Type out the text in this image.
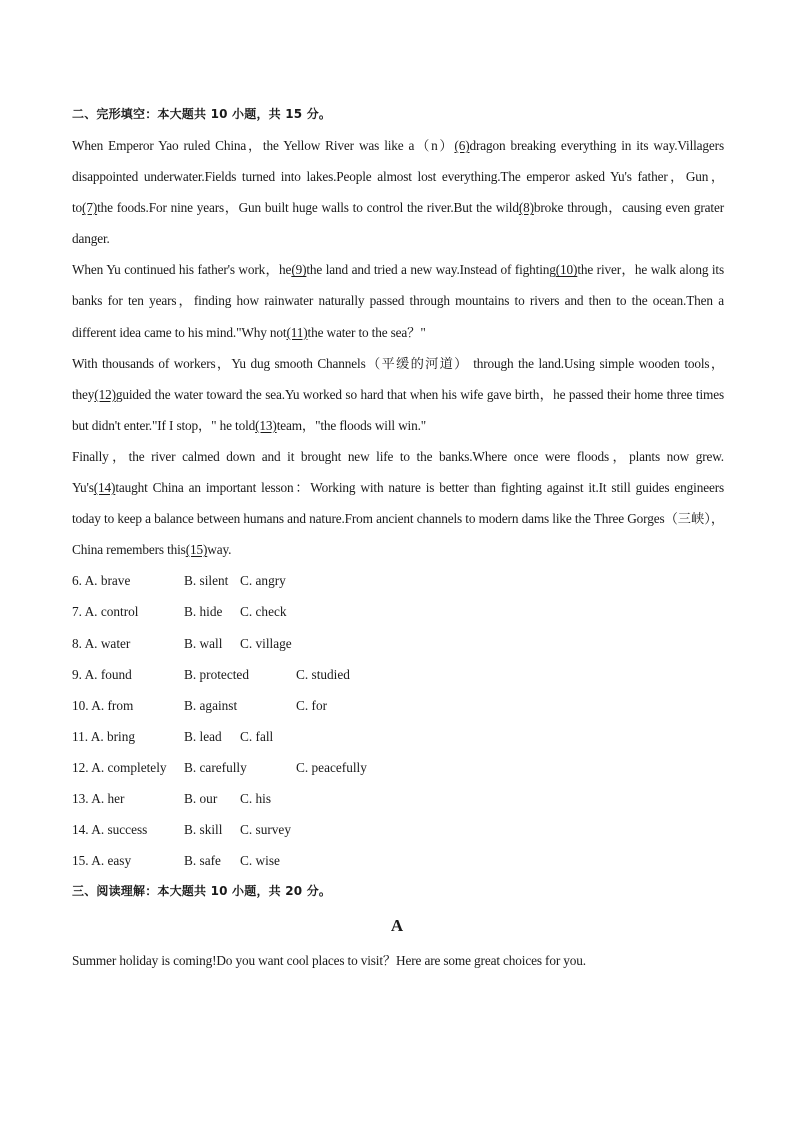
二、完形填空：本大题共 10 小题，共 15 分。

When Emperor Yao ruled China，the Yellow River was like a（n）(6)dragon breaking everything in its way.Villagers disappointed underwater.Fields turned into lakes.People almost lost everything.The emperor asked Yu's father，Gun，to(7)the foods.For nine years，Gun built huge walls to control the river.But the wild(8)broke through，causing even grater danger.

When Yu continued his father's work，he(9)the land and tried a new way.Instead of fighting(10)the river，he walk along its banks for ten years，finding how rainwater naturally passed through mountains to rivers and then to the ocean.Then a different idea came to his mind."Why not(11)the water to the sea？"

With thousands of workers，Yu dug smooth Channels（平缓的河道） through the land.Using simple wooden tools，they(12)guided the water toward the sea.Yu worked so hard that when his wife gave birth，he passed their home three times but didn't enter."If I stop，" he told(13)team，"the floods will win."

Finally，the river calmed down and it brought new life to the banks.Where once were floods，plants now grew. Yu's(14)taught China an important lesson：Working with nature is better than fighting against it.It still guides engineers today to keep a balance between humans and nature.From ancient channels to modern dams like the Three Gorges（三峡），China remembers this(15)way.

6. A. brave	B. silent C. angry
7. A. control	B. hide C. check
8. A. water	B. wall C. village
9. A. found	B. protected	C. studied
10. A. from	B. against	C. for
11. A. bring	B. lead C. fall
12. A. completely B. carefully	C. peacefully
13. A. her	B. our C. his
14. A. success	B. skill C. survey
15. A. easy	B. safe C. wise
三、阅读理解：本大题共 10 小题，共 20 分。
A

Summer holiday is coming!Do you want cool places to visit？Here are some great choices for you.
